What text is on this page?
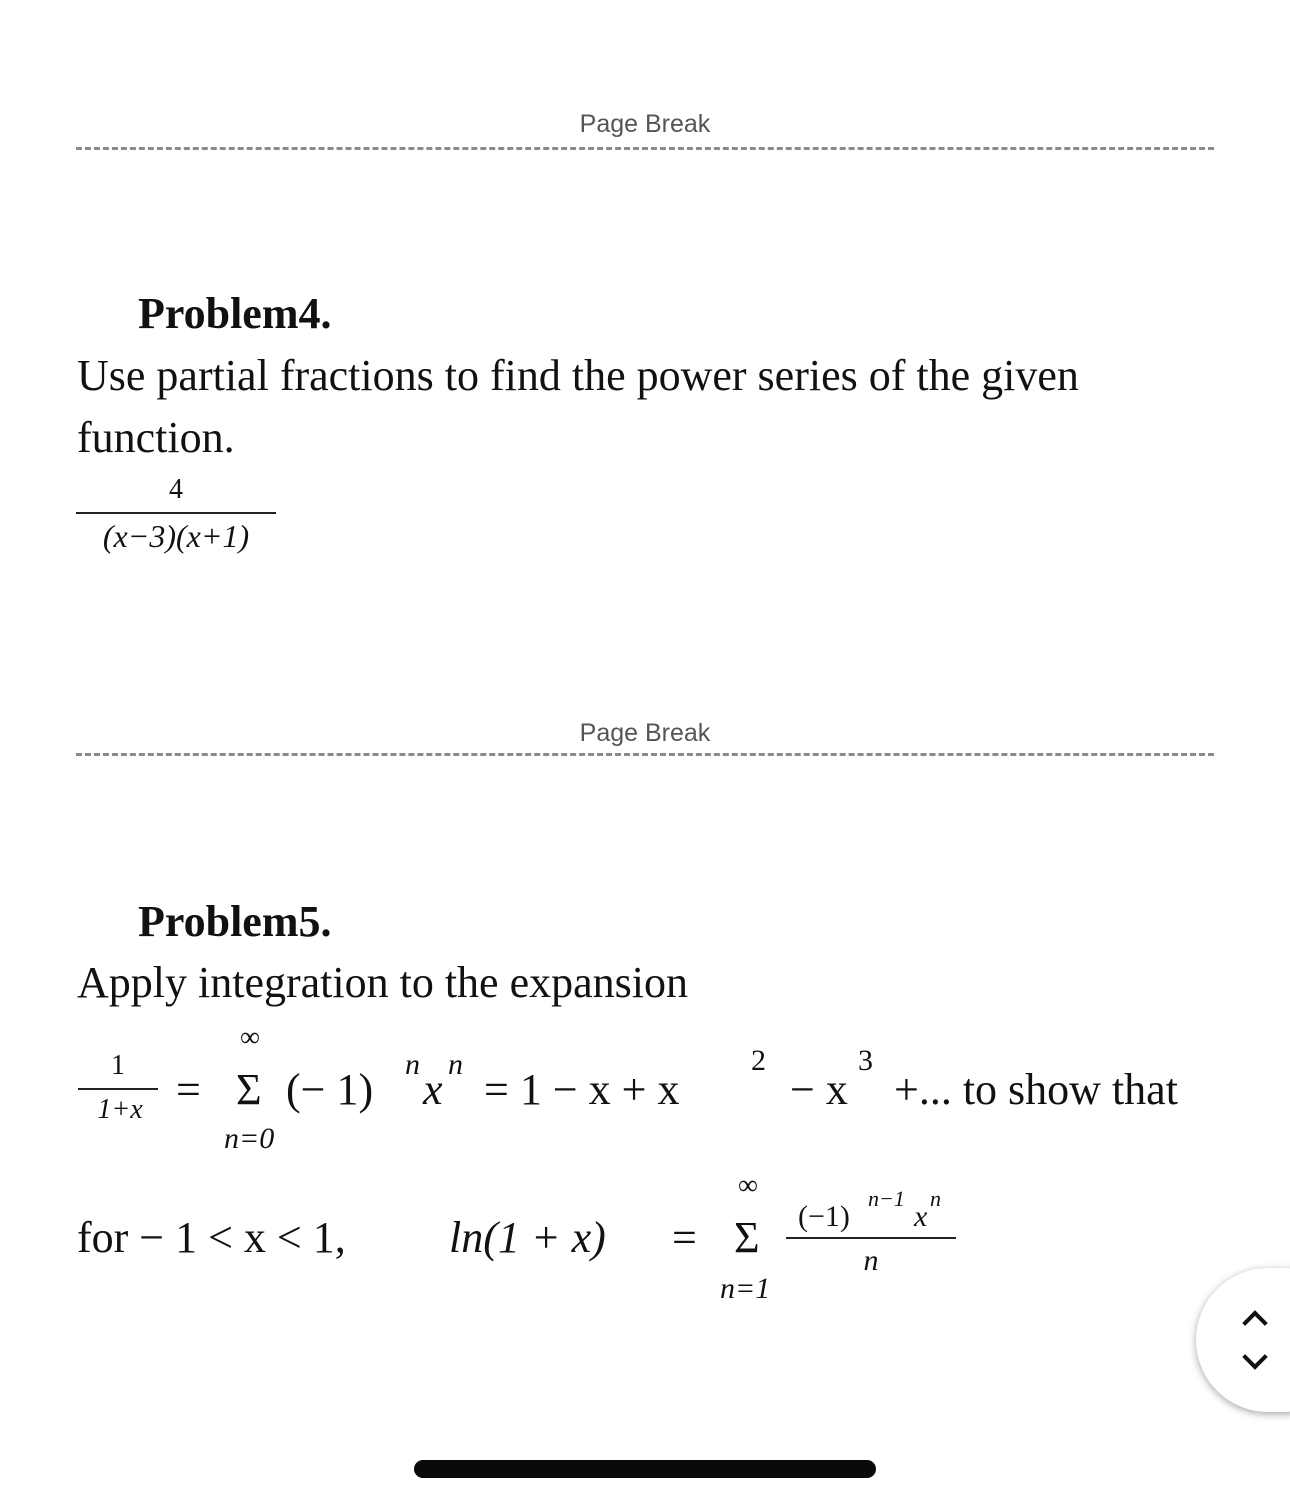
Page Break
Problem4.
Use partial fractions to find the power series of the given
function.
4
(x−3)(x+1)
Page Break
Problem5.
Apply integration to the expansion
1
1+x =
∞
Σ
n=0
(− 1)
n
x
n
= 1 − x + x
2
− x
3
+... to show that
for − 1 < x < 1, ln(1 + x) =
∞
Σ
n=1
(−1)
n−1
x
n
n
